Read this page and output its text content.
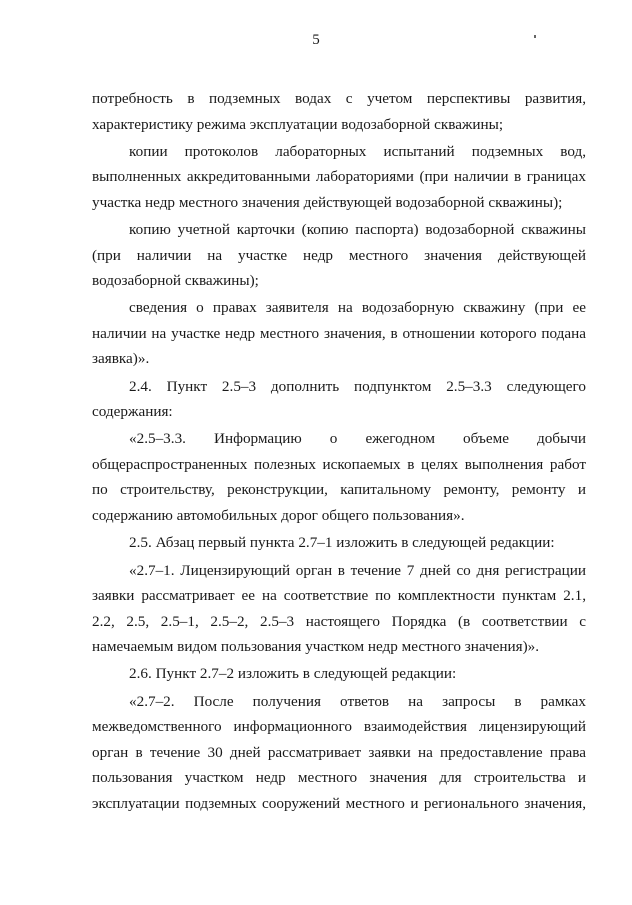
5

потребность в подземных водах с учетом перспективы развития, характеристику режима эксплуатации водозаборной скважины;

копии протоколов лабораторных испытаний подземных вод, выполненных аккредитованными лабораториями (при наличии в границах участка недр местного значения действующей водозаборной скважины);

копию учетной карточки (копию паспорта) водозаборной скважины (при наличии на участке недр местного значения действующей водозаборной скважины);

сведения о правах заявителя на водозаборную скважину (при ее наличии на участке недр местного значения, в отношении которого подана заявка)».

2.4. Пункт 2.5–3 дополнить подпунктом 2.5–3.3 следующего содержания:

«2.5–3.3. Информацию о ежегодном объеме добычи общераспространенных полезных ископаемых в целях выполнения работ по строительству, реконструкции, капитальному ремонту, ремонту и содержанию автомобильных дорог общего пользования».

2.5. Абзац первый пункта 2.7–1 изложить в следующей редакции:

«2.7–1. Лицензирующий орган в течение 7 дней со дня регистрации заявки рассматривает ее на соответствие по комплектности пунктам 2.1, 2.2, 2.5, 2.5–1, 2.5–2, 2.5–3 настоящего Порядка (в соответствии с намечаемым видом пользования участком недр местного значения)».

2.6. Пункт 2.7–2 изложить в следующей редакции:

«2.7–2. После получения ответов на запросы в рамках межведомственного информационного взаимодействия лицензирующий орган в течение 30 дней рассматривает заявки на предоставление права пользования участком недр местного значения для строительства и эксплуатации подземных сооружений местного и регионального значения,
